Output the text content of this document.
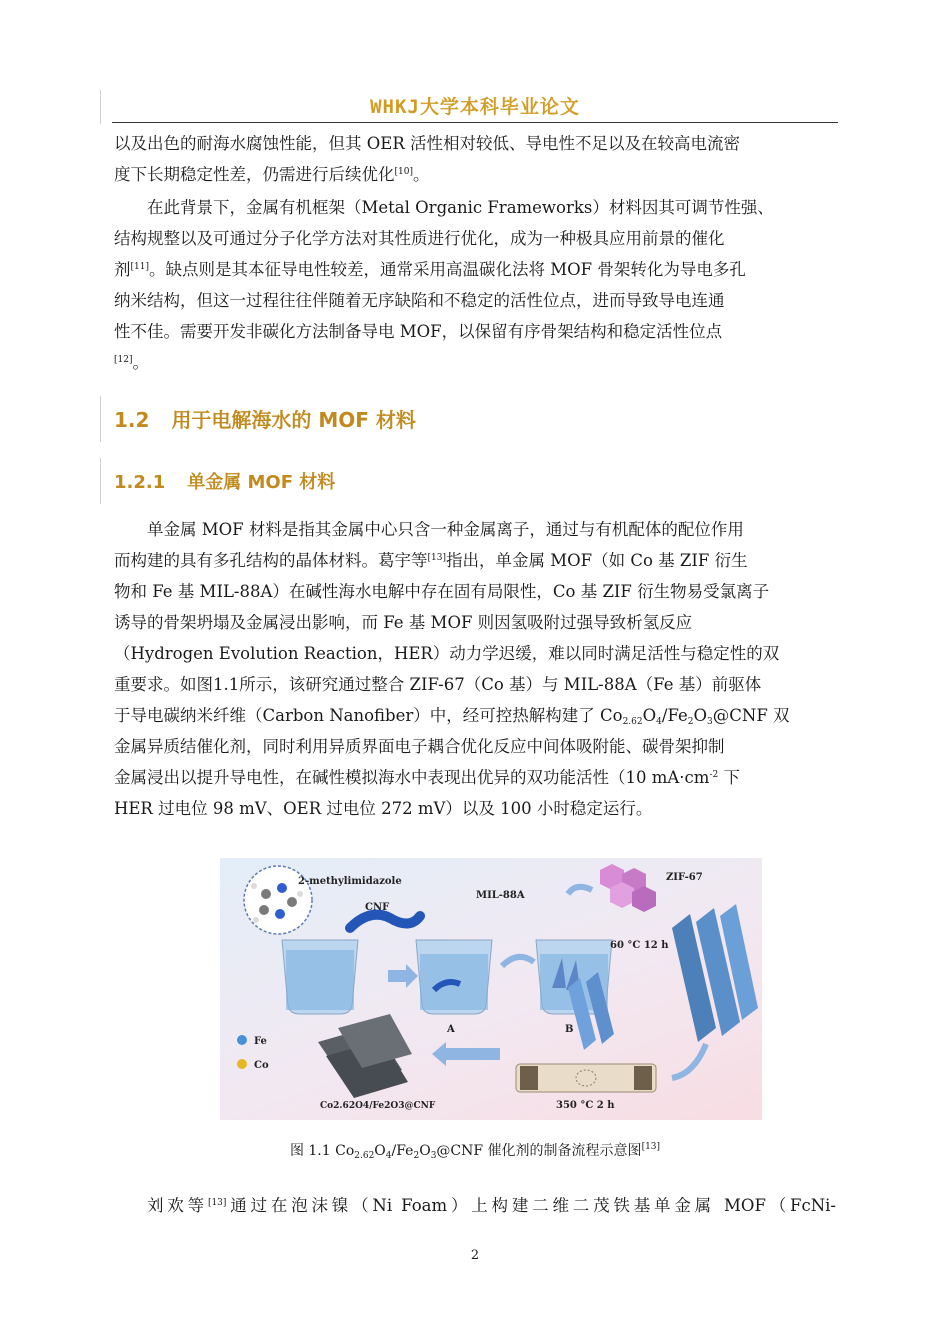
WHKJ大学本科毕业论文

以及出色的耐海水腐蚀性能，但其 OER 活性相对较低、导电性不足以及在较高电流密

度下长期稳定性差，仍需进行后续优化[10]。

在此背景下，金属有机框架（Metal Organic Frameworks）材料因其可调节性强、

结构规整以及可通过分子化学方法对其性质进行优化，成为一种极具应用前景的催化

剂[11]。缺点则是其本征导电性较差，通常采用高温碳化法将 MOF 骨架转化为导电多孔

纳米结构，但这一过程往往伴随着无序缺陷和不稳定的活性位点，进而导致导电连通

性不佳。需要开发非碳化方法制备导电 MOF，以保留有序骨架结构和稳定活性位点

[12]。

1.2 用于电解海水的 MOF 材料
1.2.1 单金属 MOF 材料

单金属 MOF 材料是指其金属中心只含一种金属离子，通过与有机配体的配位作用

而构建的具有多孔结构的晶体材料。葛宇等[13]指出，单金属 MOF（如 Co 基 ZIF 衍生

物和 Fe 基 MIL-88A）在碱性海水电解中存在固有局限性，Co 基 ZIF 衍生物易受氯离子

诱导的骨架坍塌及金属浸出影响，而 Fe 基 MOF 则因氢吸附过强导致析氢反应

（Hydrogen Evolution Reaction，HER）动力学迟缓，难以同时满足活性与稳定性的双

重要求。如图1.1所示，该研究通过整合 ZIF-67（Co 基）与 MIL-88A（Fe 基）前驱体

于导电碳纳米纤维（Carbon Nanofiber）中，经可控热解构建了 $Co_{2.62}O_4/Fe_2O_3@CNF$ 双

金属异质结催化剂，同时利用异质界面电子耦合优化反应中间体吸附能、碳骨架抑制

金属浸出以提升导电性，在碱性模拟海水中表现出优异的双功能活性（10 $mA\cdot cm^{-2}$ 下

HER 过电位 98 mV、OER 过电位 272 mV）以及 100 小时稳定运行。

2-methylimidazole
CNF
A
MIL-88A
B
ZIF-67
60 °C 12 h
Fe
Co
Co2.62O4/Fe2O3@CNF	350 °C 2 h
图 1.1 $Co_{2.62}O_4/Fe_2O_3@CNF$ 催化剂的制备流程示意图[13]

刘欢等[13]通过在泡沫镍（Ni Foam）上构建二维二茂铁基单金属 MOF（FcNi-

2
